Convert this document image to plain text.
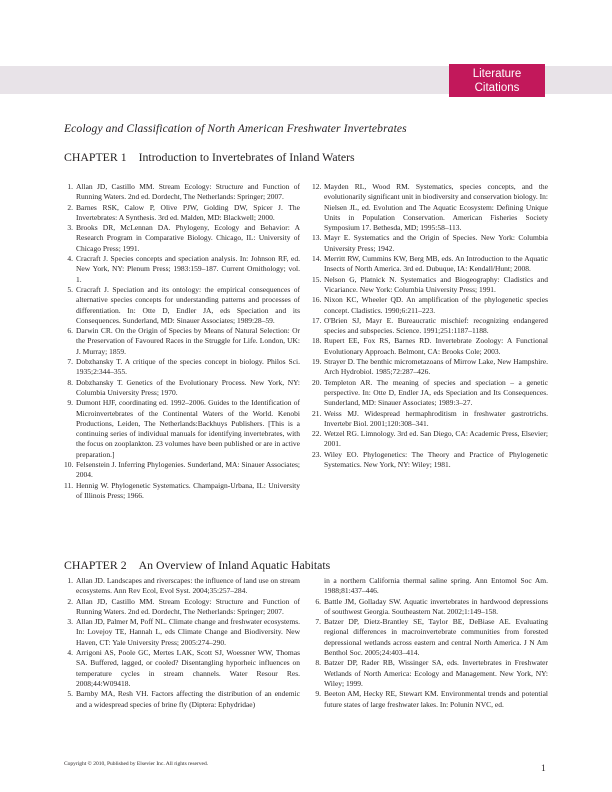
Literature
Citations
Ecology and Classification of North American Freshwater Invertebrates
CHAPTER 1 Introduction to Invertebrates of Inland Waters
1. Allan JD, Castillo MM. Stream Ecology: Structure and Function of Running Waters. 2nd ed. Dordecht, The Netherlands: Springer; 2007.
2. Barnes RSK, Calow P, Olive PJW, Golding DW, Spicer J. The Invertebrates: A Synthesis. 3rd ed. Malden, MD: Blackwell; 2000.
3. Brooks DR, McLennan DA. Phylogeny, Ecology and Behavior: A Research Program in Comparative Biology. Chicago, IL: University of Chicago Press; 1991.
4. Cracraft J. Species concepts and speciation analysis. In: Johnson RF, ed. New York, NY: Plenum Press; 1983:159–187. Current Ornithology; vol. 1.
5. Cracraft J. Speciation and its ontology: the empirical consequences of alternative species concepts for understanding patterns and processes of differentiation. In: Otte D, Endler JA, eds Speciation and its Consequences. Sunderland, MD: Sinauer Associates; 1989:28–59.
6. Darwin CR. On the Origin of Species by Means of Natural Selection: Or the Preservation of Favoured Races in the Struggle for Life. London, UK: J. Murray; 1859.
7. Dobzhansky T. A critique of the species concept in biology. Philos Sci. 1935;2:344–355.
8. Dobzhansky T. Genetics of the Evolutionary Process. New York, NY: Columbia University Press; 1970.
9. Dumont HJF, coordinating ed. 1992–2006. Guides to the Identification of Microinvertebrates of the Continental Waters of the World. Kenobi Productions, Leiden, The Netherlands:Backhuys Publishers. [This is a continuing series of individual manuals for identifying invertebrates, with the focus on zooplankton. 23 volumes have been published or are in active preparation.]
10. Felsenstein J. Inferring Phylogenies. Sunderland, MA: Sinauer Associates; 2004.
11. Hennig W. Phylogenetic Systematics. Champaign-Urbana, IL: University of Illinois Press; 1966.
12. Mayden RL, Wood RM. Systematics, species concepts, and the evolutionarily significant unit in biodiversity and conservation biology. In: Nielsen JL, ed. Evolution and The Aquatic Ecosystem: Defining Unique Units in Population Conservation. American Fisheries Society Symposium 17. Bethesda, MD; 1995:58–113.
13. Mayr E. Systematics and the Origin of Species. New York: Columbia University Press; 1942.
14. Merritt RW, Cummins KW, Berg MB, eds. An Introduction to the Aquatic Insects of North America. 3rd ed. Dubuque, IA: Kendall/Hunt; 2008.
15. Nelson G, Platnick N. Systematics and Biogeography: Cladistics and Vicariance. New York: Columbia University Press; 1991.
16. Nixon KC, Wheeler QD. An amplification of the phylogenetic species concept. Cladistics. 1990;6:211–223.
17. O'Brien SJ, Mayr E. Bureaucratic mischief: recognizing endangered species and subspecies. Science. 1991;251:1187–1188.
18. Rupert EE, Fox RS, Barnes RD. Invertebrate Zoology: A Functional Evolutionary Approach. Belmont, CA: Brooks Cole; 2003.
19. Strayer D. The benthic micrometazoans of Mirrow Lake, New Hampshire. Arch Hydrobiol. 1985;72:287–426.
20. Templeton AR. The meaning of species and speciation – a genetic perspective. In: Otte D, Endler JA, eds Speciation and Its Consequences. Sunderland, MD: Sinauer Associates; 1989:3–27.
21. Weiss MJ. Widespread hermaphroditism in freshwater gastrotrichs. Invertebr Biol. 2001;120:308–341.
22. Wetzel RG. Limnology. 3rd ed. San Diego, CA: Academic Press, Elsevier; 2001.
23. Wiley EO. Phylogenetics: The Theory and Practice of Phylogenetic Systematics. New York, NY: Wiley; 1981.
CHAPTER 2 An Overview of Inland Aquatic Habitats
1. Allan JD. Landscapes and riverscapes: the influence of land use on stream ecosystems. Ann Rev Ecol, Evol Syst. 2004;35:257–284.
2. Allan JD, Castillo MM. Stream Ecology: Structure and Function of Running Waters. 2nd ed. Dordecht, The Netherlands: Springer; 2007.
3. Allan JD, Palmer M, Poff NL. Climate change and freshwater ecosystems. In: Lovejoy TE, Hannah L, eds Climate Change and Biodiversity. New Haven, CT: Yale University Press; 2005:274–290.
4. Arrigoni AS, Poole GC, Mertes LAK, Scott SJ, Woessner WW, Thomas SA. Buffered, lagged, or cooled? Disentangling hyporheic influences on temperature cycles in stream channels. Water Resour Res. 2008;44:W09418.
5. Barnby MA, Resh VH. Factors affecting the distribution of an endemic and a widespread species of brine fly (Diptera: Ephydridae)
in a northern California thermal saline spring. Ann Entomol Soc Am. 1988;81:437–446.
6. Battle JM, Golladay SW. Aquatic invertebrates in hardwood depressions of southwest Georgia. Southeastern Nat. 2002;1:149–158.
7. Batzer DP, Dietz-Brantley SE, Taylor BE, DeBiase AE. Evaluating regional differences in macroinvertebrate communities from forested depressional wetlands across eastern and central North America. J N Am Benthol Soc. 2005;24:403–414.
8. Batzer DP, Rader RB, Wissinger SA, eds. Invertebrates in Freshwater Wetlands of North America: Ecology and Management. New York, NY: Wiley; 1999.
9. Beeton AM, Hecky RE, Stewart KM. Environmental trends and potential future states of large freshwater lakes. In: Polunin NVC, ed.
Copyright © 2010, Published by Elsevier Inc. All rights reserved.	1
